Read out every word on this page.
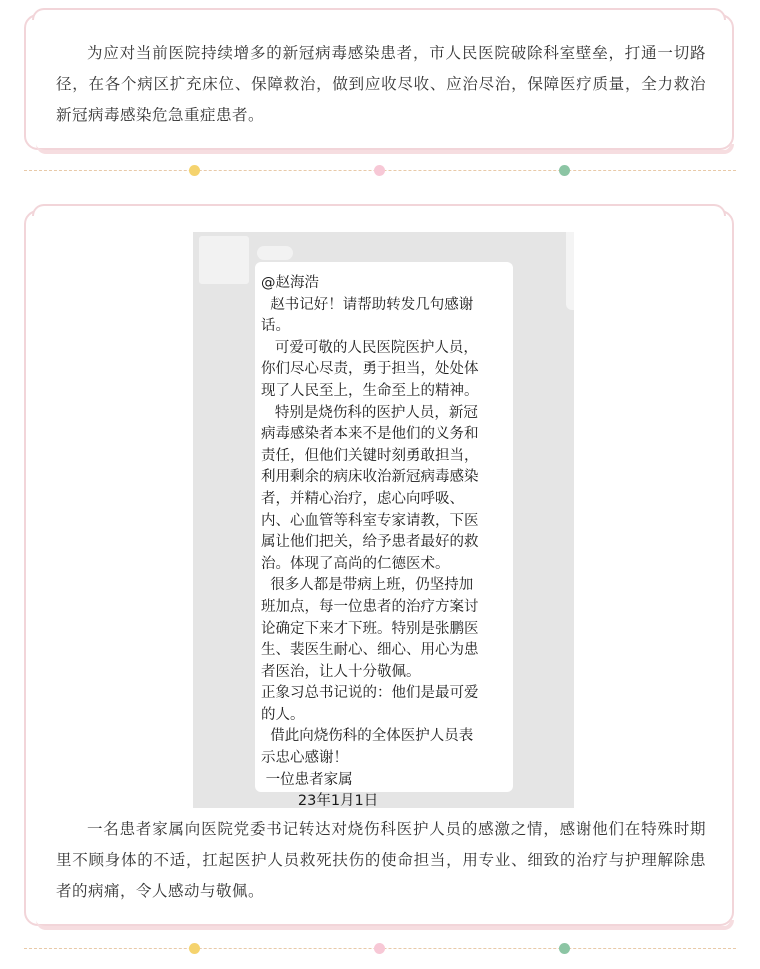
为应对当前医院持续增多的新冠病毒感染患者，市人民医院破除科室壁垒，打通一切路径，在各个病区扩充床位、保障救治，做到应收尽收、应治尽治，保障医疗质量，全力救治新冠病毒感染危急重症患者。

@赵海浩
赵书记好！请帮助转发几句感谢
话。
可爱可敬的人民医院医护人员，
你们尽心尽责，勇于担当，处处体
现了人民至上，生命至上的精神。
特别是烧伤科的医护人员，新冠
病毒感染者本来不是他们的义务和
责任，但他们关键时刻勇敢担当，
利用剩余的病床收治新冠病毒感染
者，并精心治疗，虑心向呼吸、
内、心血管等科室专家请教，下医
属让他们把关，给予患者最好的救
治。体现了高尚的仁德医术。
很多人都是带病上班，仍坚持加
班加点，每一位患者的治疗方案讨
论确定下来才下班。特别是张鹏医
生、裴医生耐心、细心、用心为患
者医治，让人十分敬佩。
正象习总书记说的：他们是最可爱
的人。
借此向烧伤科的全体医护人员表
示忠心感谢！
一位患者家属
23年1月1日

一名患者家属向医院党委书记转达对烧伤科医护人员的感激之情，感谢他们在特殊时期里不顾身体的不适，扛起医护人员救死扶伤的使命担当，用专业、细致的治疗与护理解除患者的病痛，令人感动与敬佩。
